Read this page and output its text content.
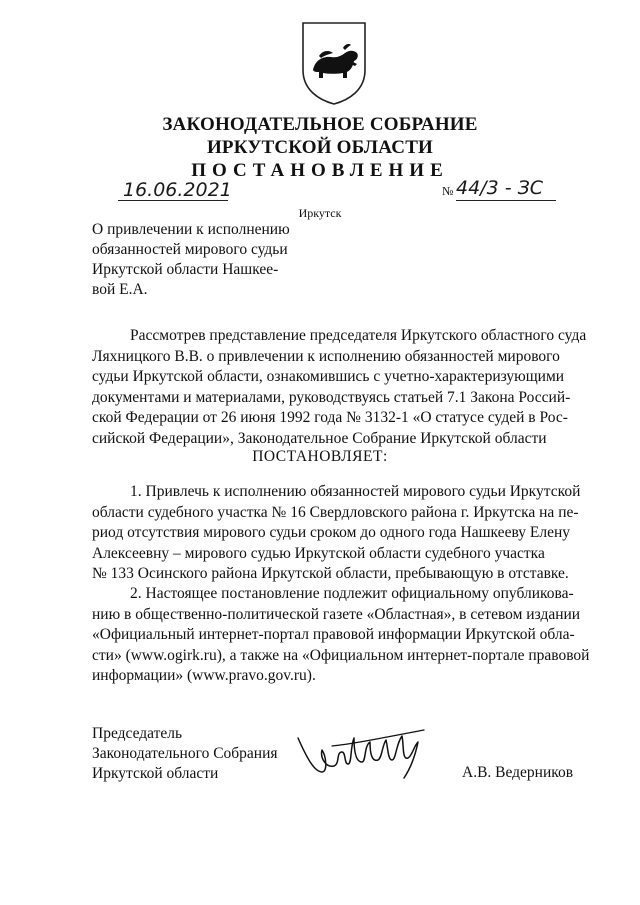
ЗАКОНОДАТЕЛЬНОЕ СОБРАНИЕ
ИРКУТСКОЙ ОБЛАСТИ
ПОСТАНОВЛЕНИЕ
16.06.2021	№ 44/3 - ЗС
Иркутск
О привлечении к исполнению
обязанностей мирового судьи
Иркутской области Нашкее-
вой Е.А.
Рассмотрев представление председателя Иркутского областного суда
Ляхницкого В.В. о привлечении к исполнению обязанностей мирового
судьи Иркутской области, ознакомившись с учетно-характеризующими
документами и материалами, руководствуясь статьей 7.1 Закона Россий-
ской Федерации от 26 июня 1992 года № 3132-1 «О статусе судей в Рос-
сийской Федерации», Законодательное Собрание Иркутской области
ПОСТАНОВЛЯЕТ:
1. Привлечь к исполнению обязанностей мирового судьи Иркутской
области судебного участка № 16 Свердловского района г. Иркутска на пе-
риод отсутствия мирового судьи сроком до одного года Нашкееву Елену
Алексеевну – мирового судью Иркутской области судебного участка
№ 133 Осинского района Иркутской области, пребывающую в отставке.
2. Настоящее постановление подлежит официальному опубликова-
нию в общественно-политической газете «Областная», в сетевом издании
«Официальный интернет-портал правовой информации Иркутской обла-
сти» (www.ogirk.ru), а также на «Официальном интернет-портале правовой
информации» (www.pravo.gov.ru).
Председатель
Законодательного Собрания
Иркутской области	А.В. Ведерников
